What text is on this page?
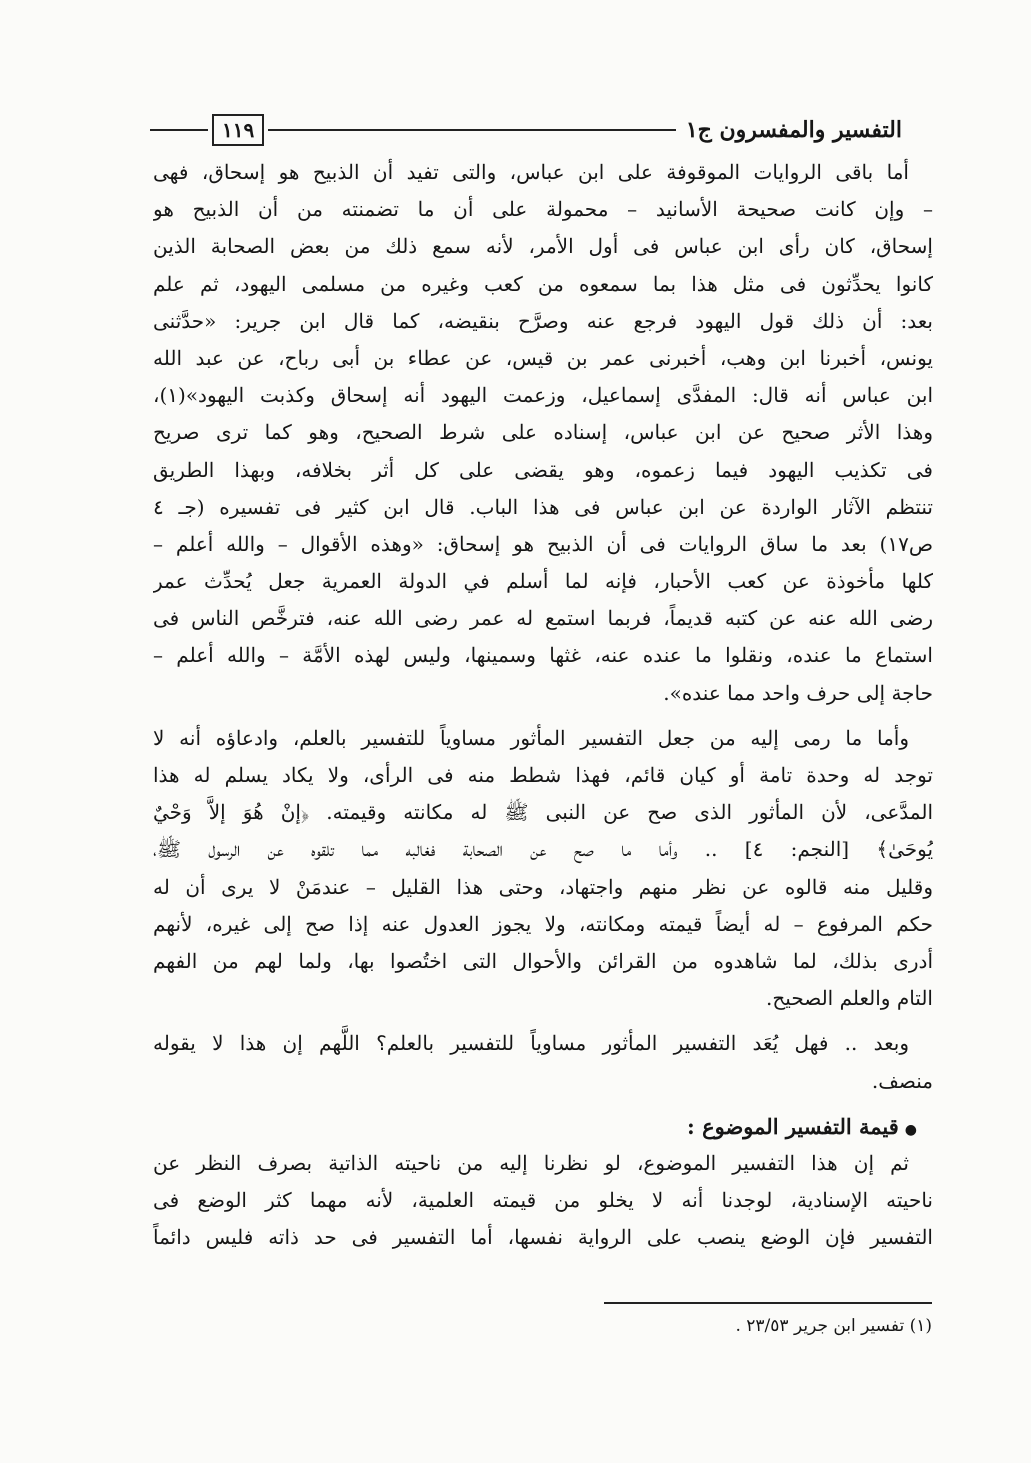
التفسير والمفسرون ج١
١١٩
أما باقى الروايات الموقوفة على ابن عباس، والتى تفيد أن الذبيح هو إسحاق، فهى
– وإن كانت صحيحة الأسانيد – محمولة على أن ما تضمنته من أن الذبيح هو
إسحاق، كان رأى ابن عباس فى أول الأمر، لأنه سمع ذلك من بعض الصحابة الذين
كانوا يحدِّثون فى مثل هذا بما سمعوه من كعب وغيره من مسلمى اليهود، ثم علم
بعد: أن ذلك قول اليهود فرجع عنه وصرَّح بنقيضه، كما قال ابن جرير: «حدَّثنى
يونس، أخبرنا ابن وهب، أخبرنى عمر بن قيس، عن عطاء بن أبى رباح، عن عبد الله
ابن عباس أنه قال: المفدَّى إسماعيل، وزعمت اليهود أنه إسحاق وكذبت اليهود»(١)،
وهذا الأثر صحيح عن ابن عباس، إسناده على شرط الصحيح، وهو كما ترى صريح
فى تكذيب اليهود فيما زعموه، وهو يقضى على كل أثر بخلافه، وبهذا الطريق
تنتظم الآثار الواردة عن ابن عباس فى هذا الباب. قال ابن كثير فى تفسيره (جـ ٤
ص١٧) بعد ما ساق الروايات فى أن الذبيح هو إسحاق: «وهذه الأقوال – والله أعلم –
كلها مأخوذة عن كعب الأحبار، فإنه لما أسلم في الدولة العمرية جعل يُحدِّث عمر
رضى الله عنه عن كتبه قديماً، فربما استمع له عمر رضى الله عنه، فترخَّص الناس فى
استماع ما عنده، ونقلوا ما عنده عنه، غثها وسمينها، وليس لهذه الأمَّة – والله أعلم –
حاجة إلى حرف واحد مما عنده».
وأما ما رمى إليه من جعل التفسير المأثور مساوياً للتفسير بالعلم، وادعاؤه أنه لا
توجد له وحدة تامة أو كيان قائم، فهذا شطط منه فى الرأى، ولا يكاد يسلم له هذا
المدَّعى، لأن المأثور الذى صح عن النبى ﷺ له مكانته وقيمته. ﴿إنْ هُوَ إلاَّ وَحْيٌ
يُوحَىٰ﴾ [النجم: ٤] .. وأما ما صح عن الصحابة فغالبه مما تلقوه عن الرسول ﷺ،
وقليل منه قالوه عن نظر منهم واجتهاد، وحتى هذا القليل – عندمَنْ لا يرى أن له
حكم المرفوع – له أيضاً قيمته ومكانته، ولا يجوز العدول عنه إذا صح إلى غيره، لأنهم
أدرى بذلك، لما شاهدوه من القرائن والأحوال التى اختُصوا بها، ولما لهم من الفهم
التام والعلم الصحيح.
وبعد .. فهل يُعَد التفسير المأثور مساوياً للتفسير بالعلم؟ اللَّهم إن هذا لا يقوله
منصف.
●قيمة التفسير الموضوع :
ثم إن هذا التفسير الموضوع، لو نظرنا إليه من ناحيته الذاتية بصرف النظر عن
ناحيته الإسنادية، لوجدنا أنه لا يخلو من قيمته العلمية، لأنه مهما كثر الوضع فى
التفسير فإن الوضع ينصب على الرواية نفسها، أما التفسير فى حد ذاته فليس دائماً
(١) تفسير ابن جرير ٢٣/٥٣ .
